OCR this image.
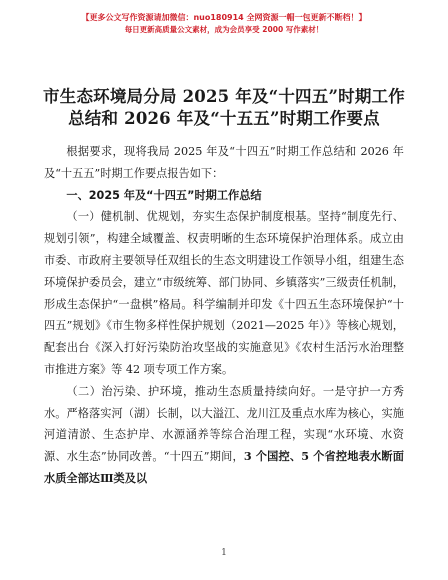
【更多公文写作资源请加微信：nuo180914 全网资源一帽一包更新不断档！】
每日更新高质量公文素材，成为会员享受 2000 写作素材！
市生态环境局分局 2025 年及“十四五”时期工作总结和 2026 年及“十五五”时期工作要点

根据要求，现将我局 2025 年及“十四五”时期工作总结和 2026 年及“十五五”时期工作要点报告如下：

一、2025 年及“十四五”时期工作总结

（一）健机制、优规划，夯实生态保护制度根基。坚持“制度先行、规划引领”，构建全域覆盖、权责明晰的生态环境保护治理体系。成立由市委、市政府主要领导任双组长的生态文明建设工作领导小组，组建生态环境保护委员会，建立“市级统筹、部门协同、乡镇落实”三级责任机制，形成生态保护“一盘棋”格局。科学编制并印发《十四五生态环境保护“十四五”规划》《市生物多样性保护规划（2021—2025 年）》等核心规划，配套出台《深入打好污染防治攻坚战的实施意见》《农村生活污水治理整市推进方案》等 42 项专项工作方案。

（二）治污染、护环境，推动生态质量持续向好。一是守护一方秀水。严格落实河（湖）长制，以大溢江、龙川江及重点水库为核心，实施河道清淤、生态护岸、水源涵养等综合治理工程，实现“水环境、水资源、水生态”协同改善。“十四五”期间，3 个国控、5 个省控地表水断面水质全部达Ⅲ类及以

1
